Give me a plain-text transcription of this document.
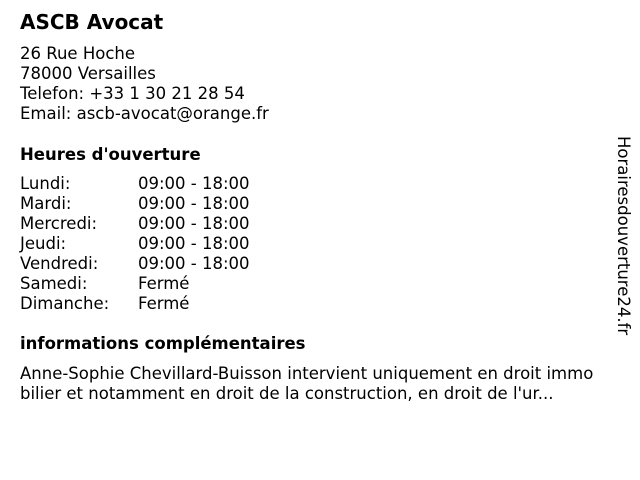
ASCB Avocat
26 Rue Hoche
78000 Versailles
Telefon: +33 1 30 21 28 54
Email: ascb-avocat@orange.fr
Heures d'ouverture
Lundi:	09:00 - 18:00
Mardi:	09:00 - 18:00
Mercredi: 09:00 - 18:00
Jeudi:	09:00 - 18:00
Vendredi: 09:00 - 18:00
Samedi:	Fermé
Dimanche: Fermé
informations complémentaires
Anne-Sophie Chevillard-Buisson intervient uniquement en droit immo
bilier et notamment en droit de la construction, en droit de l'ur...
Horairesdouverture24.fr
